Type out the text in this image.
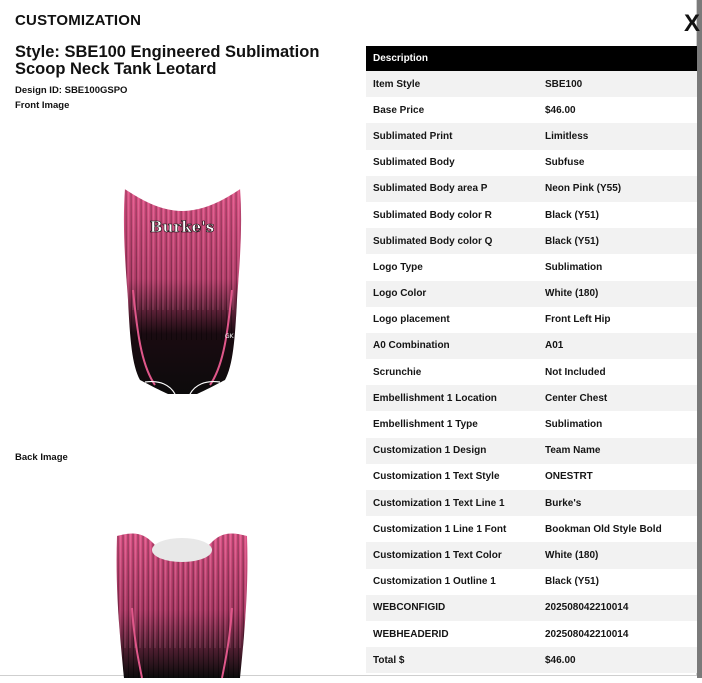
CUSTOMIZATION	X
Style: SBE100 Engineered Sublimation Scoop Neck Tank Leotard
Design ID: SBE100GSPO
Front Image
Back Image
Burke's
GK
Description
Item Style	SBE100
Base Price	$46.00
Sublimated Print	Limitless
Sublimated Body	Subfuse
Sublimated Body area P	Neon Pink (Y55)
Sublimated Body color R	Black (Y51)
Sublimated Body color Q	Black (Y51)
Logo Type	Sublimation
Logo Color	White (180)
Logo placement	Front Left Hip
A0 Combination	A01
Scrunchie	Not Included
Embellishment 1 Location	Center Chest
Embellishment 1 Type	Sublimation
Customization 1 Design	Team Name
Customization 1 Text Style	ONESTRT
Customization 1 Text Line 1	Burke's
Customization 1 Line 1 Font	Bookman Old Style Bold
Customization 1 Text Color	White (180)
Customization 1 Outline 1	Black (Y51)
WEBCONFIGID	202508042210014
WEBHEADERID	202508042210014
Total $	$46.00
